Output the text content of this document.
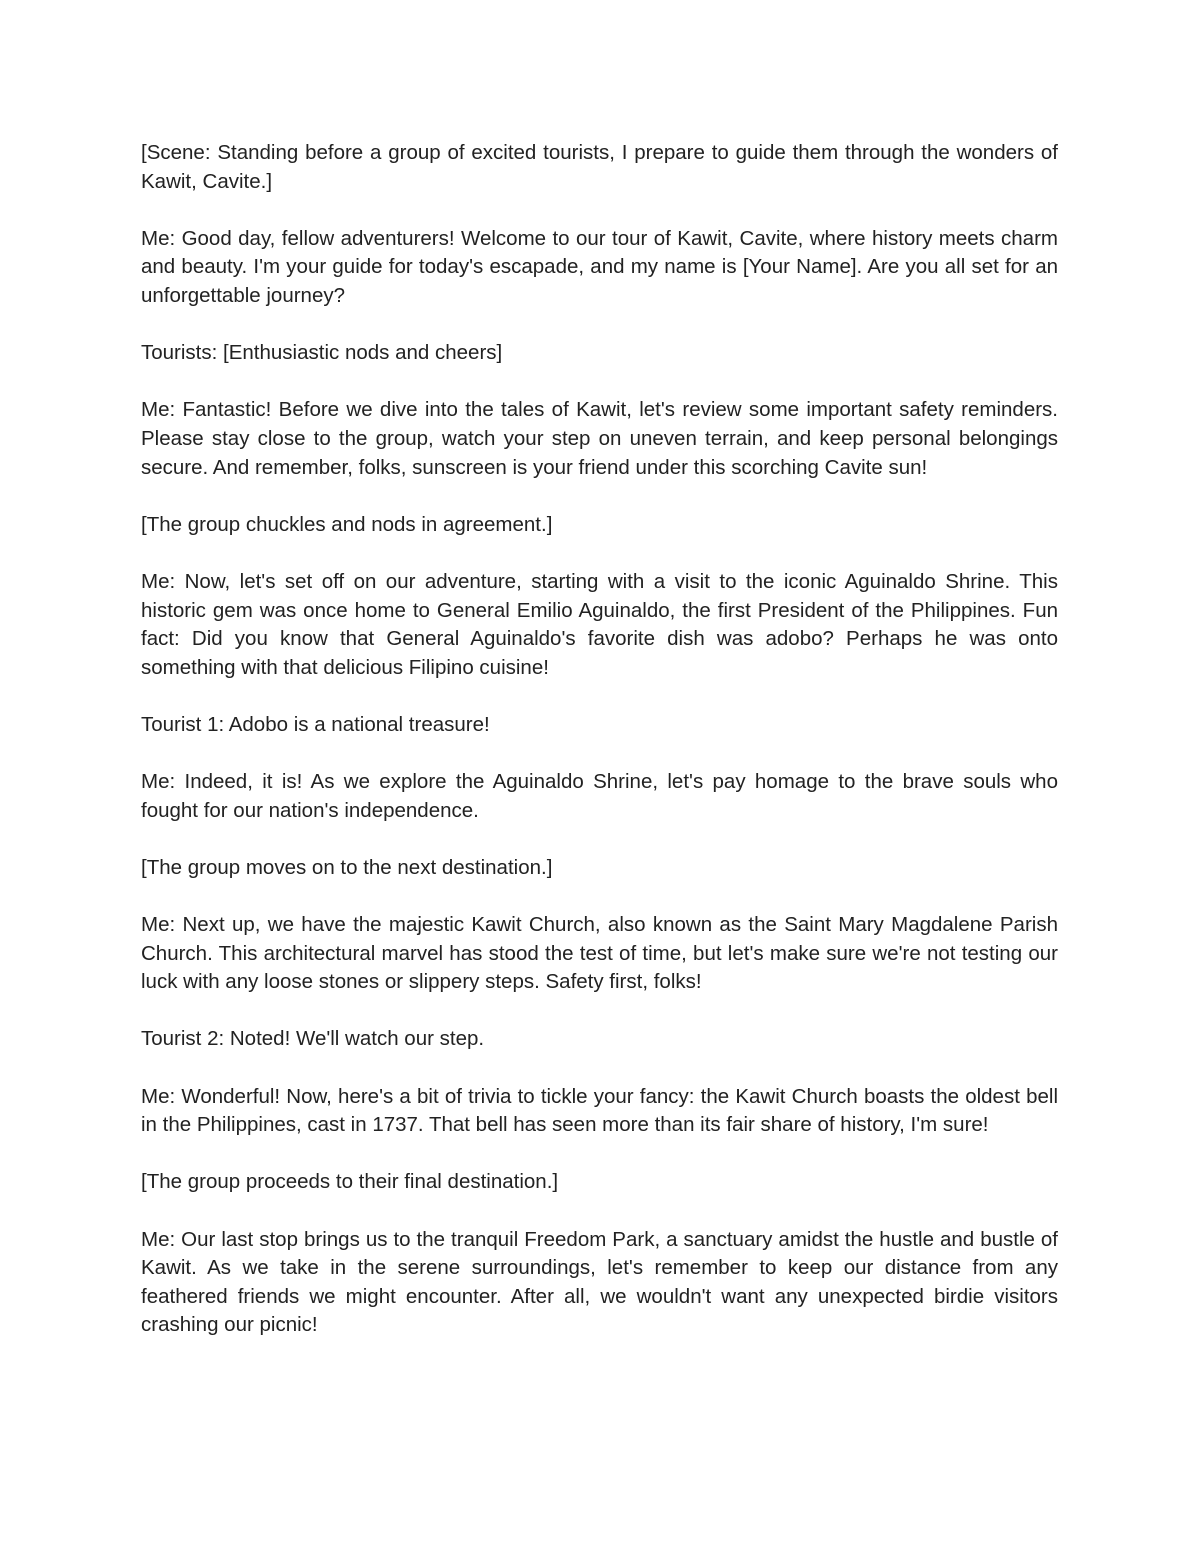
[Scene: Standing before a group of excited tourists, I prepare to guide them through the wonders of Kawit, Cavite.]

Me: Good day, fellow adventurers! Welcome to our tour of Kawit, Cavite, where history meets charm and beauty. I'm your guide for today's escapade, and my name is [Your Name]. Are you all set for an unforgettable journey?

Tourists: [Enthusiastic nods and cheers]

Me: Fantastic! Before we dive into the tales of Kawit, let's review some important safety reminders. Please stay close to the group, watch your step on uneven terrain, and keep personal belongings secure. And remember, folks, sunscreen is your friend under this scorching Cavite sun!

[The group chuckles and nods in agreement.]

Me: Now, let's set off on our adventure, starting with a visit to the iconic Aguinaldo Shrine. This historic gem was once home to General Emilio Aguinaldo, the first President of the Philippines. Fun fact: Did you know that General Aguinaldo's favorite dish was adobo? Perhaps he was onto something with that delicious Filipino cuisine!

Tourist 1: Adobo is a national treasure!

Me: Indeed, it is! As we explore the Aguinaldo Shrine, let's pay homage to the brave souls who fought for our nation's independence.

[The group moves on to the next destination.]

Me: Next up, we have the majestic Kawit Church, also known as the Saint Mary Magdalene Parish Church. This architectural marvel has stood the test of time, but let's make sure we're not testing our luck with any loose stones or slippery steps. Safety first, folks!

Tourist 2: Noted! We'll watch our step.

Me: Wonderful! Now, here's a bit of trivia to tickle your fancy: the Kawit Church boasts the oldest bell in the Philippines, cast in 1737. That bell has seen more than its fair share of history, I'm sure!

[The group proceeds to their final destination.]

Me: Our last stop brings us to the tranquil Freedom Park, a sanctuary amidst the hustle and bustle of Kawit. As we take in the serene surroundings, let's remember to keep our distance from any feathered friends we might encounter. After all, we wouldn't want any unexpected birdie visitors crashing our picnic!
